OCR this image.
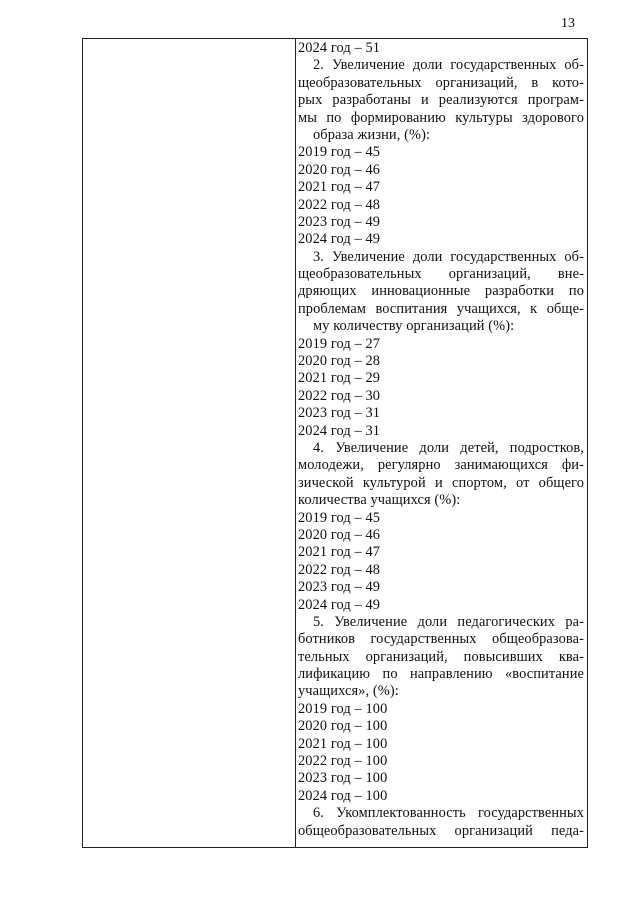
13
2024 год – 51
2. Увеличение доли государственных об-
щеобразовательных организаций, в кото-
рых разработаны и реализуются програм-
мы по формированию культуры здорового
образа жизни, (%):
2019 год – 45
2020 год – 46
2021 год – 47
2022 год – 48
2023 год – 49
2024 год – 49
3. Увеличение доли государственных об-
щеобразовательных организаций, вне-
дряющих инновационные разработки по
проблемам воспитания учащихся, к обще-
му количеству организаций (%):
2019 год – 27
2020 год – 28
2021 год – 29
2022 год – 30
2023 год – 31
2024 год – 31
4. Увеличение доли детей, подростков,
молодежи, регулярно занимающихся фи-
зической культурой и спортом, от общего
количества учащихся (%):
2019 год – 45
2020 год – 46
2021 год – 47
2022 год – 48
2023 год – 49
2024 год – 49
5. Увеличение доли педагогических ра-
ботников государственных общеобразова-
тельных организаций, повысивших ква-
лификацию по направлению «воспитание
учащихся», (%):
2019 год – 100
2020 год – 100
2021 год – 100
2022 год – 100
2023 год – 100
2024 год – 100
6. Укомплектованность государственных
общеобразовательных организаций педа-
